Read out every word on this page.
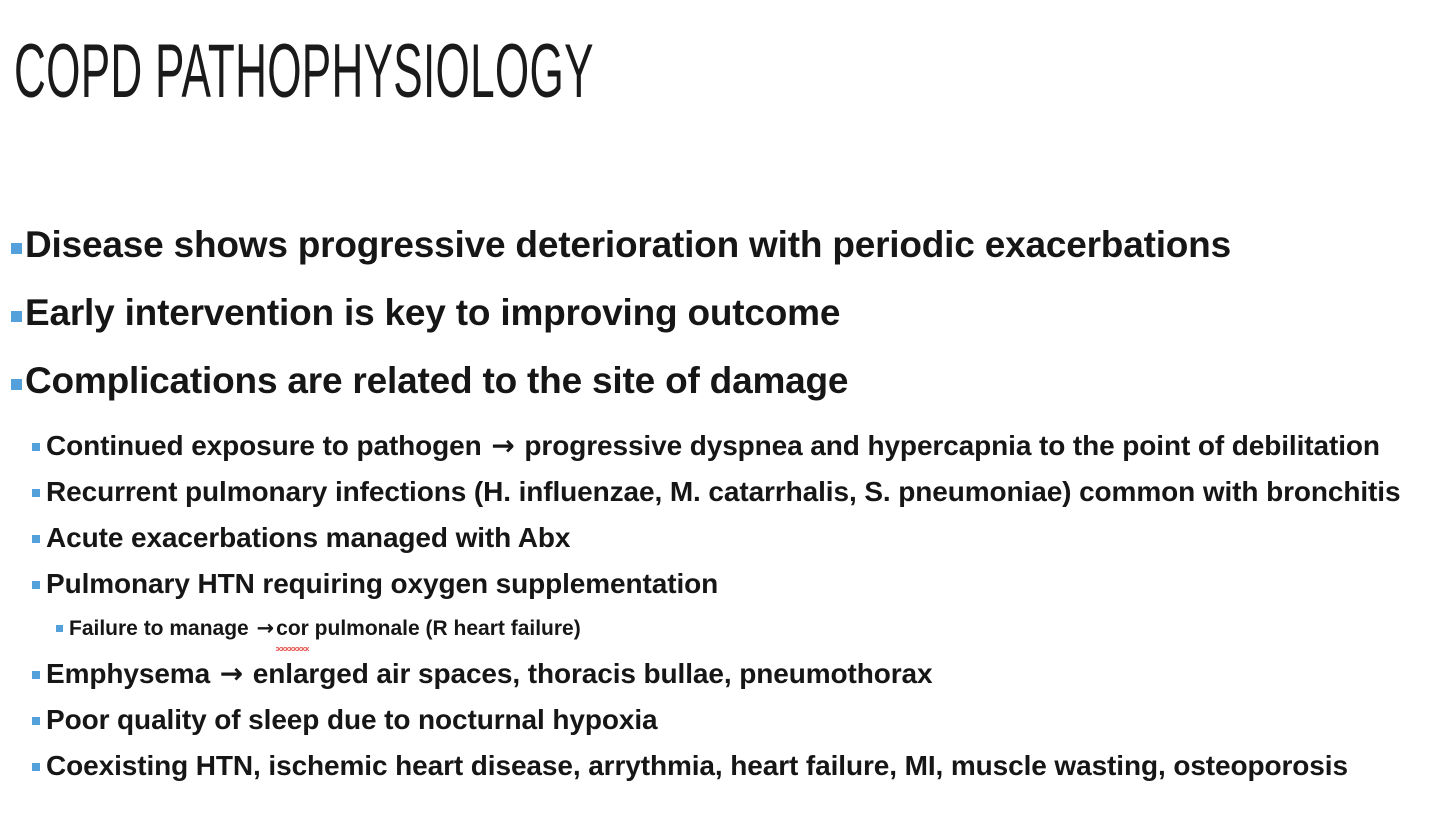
COPD PATHOPHYSIOLOGY
Disease shows progressive deterioration with periodic exacerbations
Early intervention is key to improving outcome
Complications are related to the site of damage
Continued exposure to pathogen → progressive dyspnea and hypercapnia to the point of debilitation
Recurrent pulmonary infections (H. influenzae, M. catarrhalis, S. pneumoniae) common with bronchitis
Acute exacerbations managed with Abx
Pulmonary HTN requiring oxygen supplementation
Failure to manage →cor pulmonale (R heart failure)
Emphysema → enlarged air spaces, thoracis bullae, pneumothorax
Poor quality of sleep due to nocturnal hypoxia
Coexisting HTN, ischemic heart disease, arrythmia, heart failure, MI, muscle wasting, osteoporosis
